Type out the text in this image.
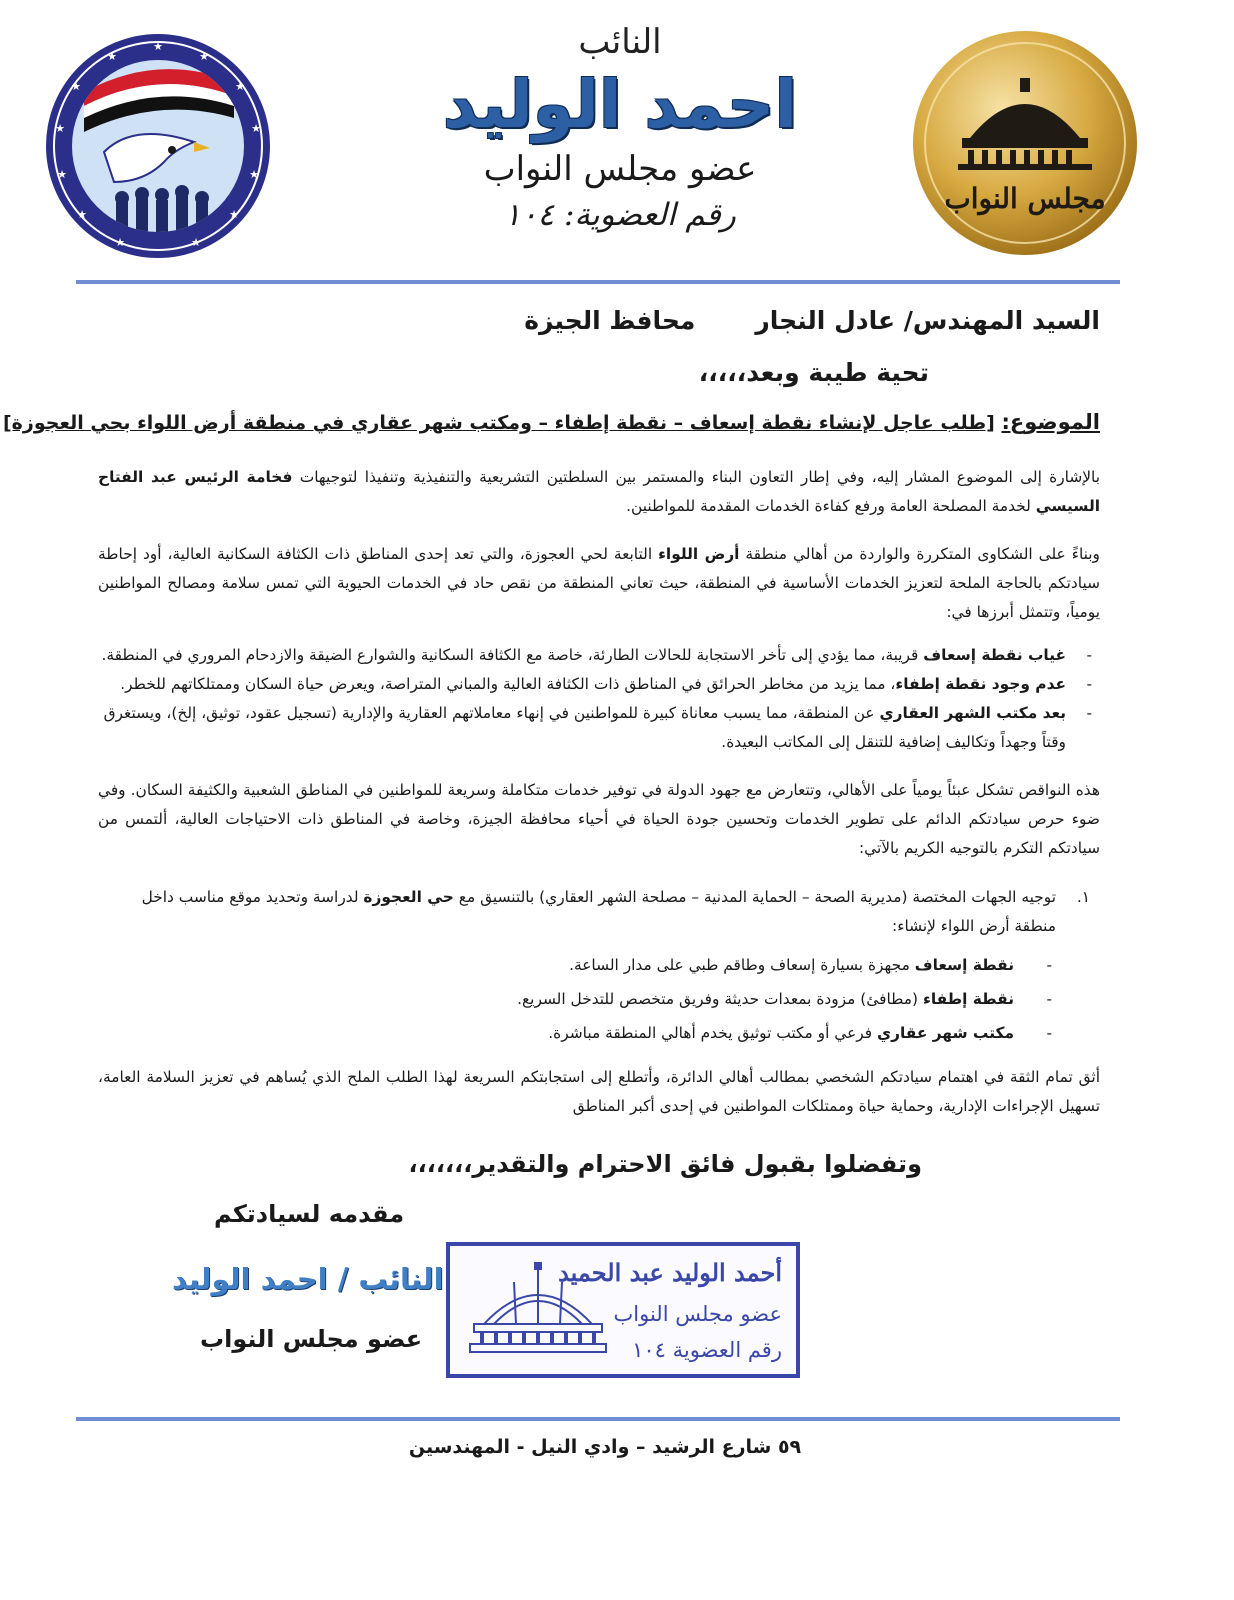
★
★
★
★
★
★
★
★
★
★
★
★
★	النائب
احمد الوليد
عضو مجلس النواب
رقم العضوية: ١٠٤	مجلس النواب
السيد المهندس/ عادل النجارمحافظ الجيزة
تحية طيبة وبعد،،،،،
الموضوع: [طلب عاجل لإنشاء نقطة إسعاف – نقطة إطفاء – ومكتب شهر عقاري في منطقة أرض اللواء بحي العجوزة]
بالإشارة إلى الموضوع المشار إليه، وفي إطار التعاون البناء والمستمر بين السلطتين التشريعية والتنفيذية وتنفيذا لتوجيهات فخامة الرئيس عبد الفتاح السيسي لخدمة المصلحة العامة ورفع كفاءة الخدمات المقدمة للمواطنين.
وبناءً على الشكاوى المتكررة والواردة من أهالي منطقة أرض اللواء التابعة لحي العجوزة، والتي تعد إحدى المناطق ذات الكثافة السكانية العالية، أود إحاطة سيادتكم بالحاجة الملحة لتعزيز الخدمات الأساسية في المنطقة، حيث تعاني المنطقة من نقص حاد في الخدمات الحيوية التي تمس سلامة ومصالح المواطنين يومياً، وتتمثل أبرزها في:
-
غياب نقطة إسعاف قريبة، مما يؤدي إلى تأخر الاستجابة للحالات الطارئة، خاصة مع الكثافة السكانية والشوارع الضيقة والازدحام المروري في المنطقة.
-
عدم وجود نقطة إطفاء، مما يزيد من مخاطر الحرائق في المناطق ذات الكثافة العالية والمباني المتراصة، ويعرض حياة السكان وممتلكاتهم للخطر.
-
بعد مكتب الشهر العقاري عن المنطقة، مما يسبب معاناة كبيرة للمواطنين في إنهاء معاملاتهم العقارية والإدارية (تسجيل عقود، توثيق، إلخ)، ويستغرق وقتاً وجهداً وتكاليف إضافية للتنقل إلى المكاتب البعيدة.
هذه النواقص تشكل عبئاً يومياً على الأهالي، وتتعارض مع جهود الدولة في توفير خدمات متكاملة وسريعة للمواطنين في المناطق الشعبية والكثيفة السكان. وفي ضوء حرص سيادتكم الدائم على تطوير الخدمات وتحسين جودة الحياة في أحياء محافظة الجيزة، وخاصة في المناطق ذات الاحتياجات العالية، ألتمس من سيادتكم التكرم بالتوجيه الكريم بالآتي:
١.
توجيه الجهات المختصة (مديرية الصحة – الحماية المدنية – مصلحة الشهر العقاري) بالتنسيق مع حي العجوزة لدراسة وتحديد موقع مناسب داخل منطقة أرض اللواء لإنشاء:
-
نقطة إسعاف مجهزة بسيارة إسعاف وطاقم طبي على مدار الساعة.
-
نقطة إطفاء (مطافئ) مزودة بمعدات حديثة وفريق متخصص للتدخل السريع.
-
مكتب شهر عقاري فرعي أو مكتب توثيق يخدم أهالي المنطقة مباشرة.
أثق تمام الثقة في اهتمام سيادتكم الشخصي بمطالب أهالي الدائرة، وأتطلع إلى استجابتكم السريعة لهذا الطلب الملح الذي يُساهم في تعزيز السلامة العامة، تسهيل الإجراءات الإدارية، وحماية حياة وممتلكات المواطنين في إحدى أكبر المناطق
وتفضلوا بقبول فائق الاحترام والتقدير،،،،،،،
مقدمه لسيادتكم
النائب / احمد الوليد
عضو مجلس النواب
أحمد الوليد عبد الحميد
عضو مجلس النواب
رقم العضوية ١٠٤
٥٩ شارع الرشيد – وادي النيل - المهندسين
